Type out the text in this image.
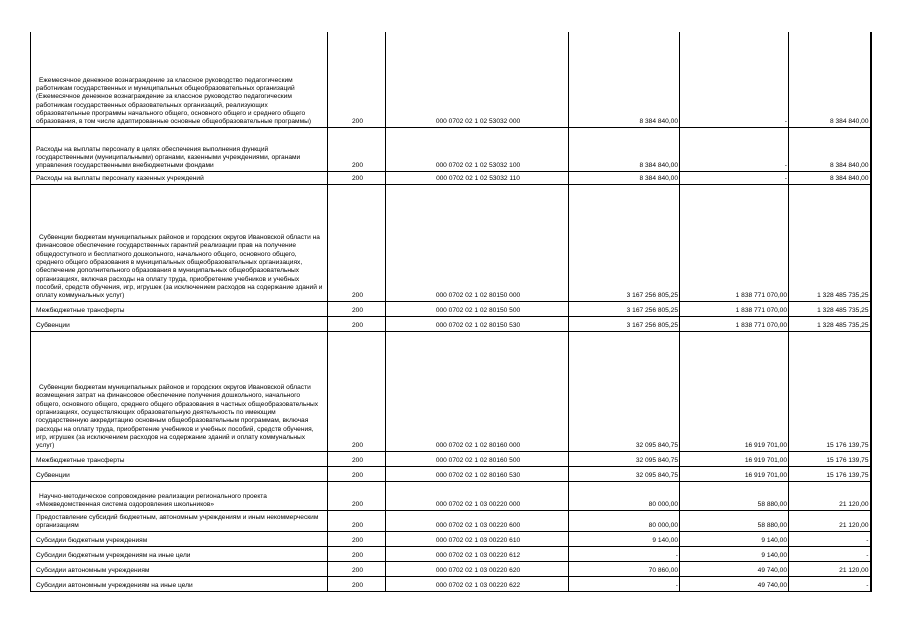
Ежемесячное денежное вознаграждение за классное руководство педагогическим работникам государственных и муниципальных общеобразовательных организаций (Ежемесячное денежное вознаграждение за классное руководство педагогическим работникам государственных образовательных организаций, реализующих образовательные программы начального общего, основного общего и среднего общего образования, в том числе адаптированные основные общеобразовательные программы)	200	000 0702 02 1 02 53032 000	8 384 840,00	-	8 384 840,00
Расходы на выплаты персоналу в целях обеспечения выполнения функций государственными (муниципальными) органами, казенными учреждениями, органами управления государственными внебюджетными фондами	200	000 0702 02 1 02 53032 100	8 384 840,00	-	8 384 840,00
Расходы на выплаты персоналу казенных учреждений	200	000 0702 02 1 02 53032 110	8 384 840,00	-	8 384 840,00
Субвенции бюджетам муниципальных районов и городских округов Ивановской области на финансовое обеспечение государственных гарантий реализации прав на получение общедоступного и бесплатного дошкольного, начального общего, основного общего, среднего общего образования в муниципальных общеобразовательных организациях, обеспечение дополнительного образования в муниципальных общеобразовательных организациях, включая расходы на оплату труда, приобретение учебников и учебных пособий, средств обучения, игр, игрушек (за исключением расходов на содержание зданий и оплату коммунальных услуг)	200	000 0702 02 1 02 80150 000	3 167 256 805,25	1 838 771 070,00	1 328 485 735,25
Межбюджетные трансферты	200	000 0702 02 1 02 80150 500	3 167 256 805,25	1 838 771 070,00	1 328 485 735,25
Субвенции	200	000 0702 02 1 02 80150 530	3 167 256 805,25	1 838 771 070,00	1 328 485 735,25
Субвенции бюджетам муниципальных районов и городских округов Ивановской области возмещения затрат на финансовое обеспечение получения дошкольного, начального общего, основного общего, среднего общего образования в частных общеобразовательных организациях, осуществляющих образовательную деятельность по имеющим государственную аккредитацию основным общеобразовательным программам, включая расходы на оплату труда, приобретение учебников и учебных пособий, средств обучения, игр, игрушек (за исключением расходов на содержание зданий и оплату коммунальных услуг)	200	000 0702 02 1 02 80160 000	32 095 840,75	16 919 701,00	15 176 139,75
Межбюджетные трансферты	200	000 0702 02 1 02 80160 500	32 095 840,75	16 919 701,00	15 176 139,75
Субвенции	200	000 0702 02 1 02 80160 530	32 095 840,75	16 919 701,00	15 176 139,75
Научно-методическое сопровождение реализации регионального проекта «Межведомственная система оздоровления школьников»	200	000 0702 02 1 03 00220 000	80 000,00	58 880,00	21 120,00
Предоставление субсидий бюджетным, автономным учреждениям и иным некоммерческим организациям	200	000 0702 02 1 03 00220 600	80 000,00	58 880,00	21 120,00
Субсидии бюджетным учреждениям	200	000 0702 02 1 03 00220 610	9 140,00	9 140,00	-
Субсидии бюджетным учреждениям на иные цели	200	000 0702 02 1 03 00220 612	-	9 140,00	-
Субсидии автономным учреждениям	200	000 0702 02 1 03 00220 620	70 860,00	49 740,00	21 120,00
Субсидии автономным учреждениям на иные цели	200	000 0702 02 1 03 00220 622	-	49 740,00	-
